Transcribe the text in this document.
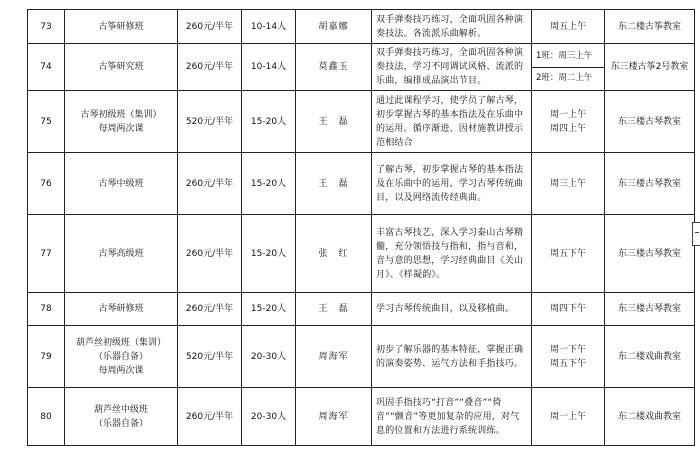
73	古筝研修班	260元/半年	10-14人	胡嘉娜	双手弹奏技巧练习，全面巩固各种演奏技法。各流派乐曲解析。	周五上午	东二楼古筝教室
74	古筝研究班	260元/半年	10-14人	莫鑫玉	双手弹奏技巧练习，全面巩固各种演奏技法，学习不同调试风格、流派的乐曲，编排成品演出节目。	1班：周三上午
2班：周二上午	东三楼古筝2号教室
75	古琴初级班（集训）
每周两次课	520元/半年	15-20人	王　磊	通过此课程学习，使学员了解古琴，初步掌握古琴的基本指法及在乐曲中的运用。循序渐进、因材施教讲授示范相结合	周一上午
周四上午	东三楼古琴教室
76	古琴中级班	260元/半年	15-20人	王　磊	了解古琴，初步掌握古琴的基本指法及在乐曲中的运用，学习古琴传统曲目，以及网络流传经典曲。	周三上午	东三楼古琴教室
77	古琴高级班	260元/半年	15-20人	张　红	丰富古琴技艺，深入学习泰山古琴精髓，充分领悟技与指和，指与音和，音与意的思想，学习经典曲目《关山月》、《样凝韵》。	周五下午	东三楼古琴教室
78	古琴研修班	260元/半年	15-20人	王　磊	学习古琴传统曲目，以及移植曲。	周四下午	东三楼古琴教室
79	葫芦丝初级班（集训）
（乐器自备）
每周两次课	520元/半年	20-30人	周海军	初步了解乐器的基本特征，掌握正确的演奏姿势、运气方法和手指技巧。	周一下午
周五下午	东二楼戏曲教室
80	葫芦丝中级班
（乐器自备）	260元/半年	20-30人	周海军	巩固手指技巧“打音”“叠音”“倚音”“颤音”等更加复杂的应用，对气息的位置和方法进行系统训练。	周一上午	东二楼戏曲教室
